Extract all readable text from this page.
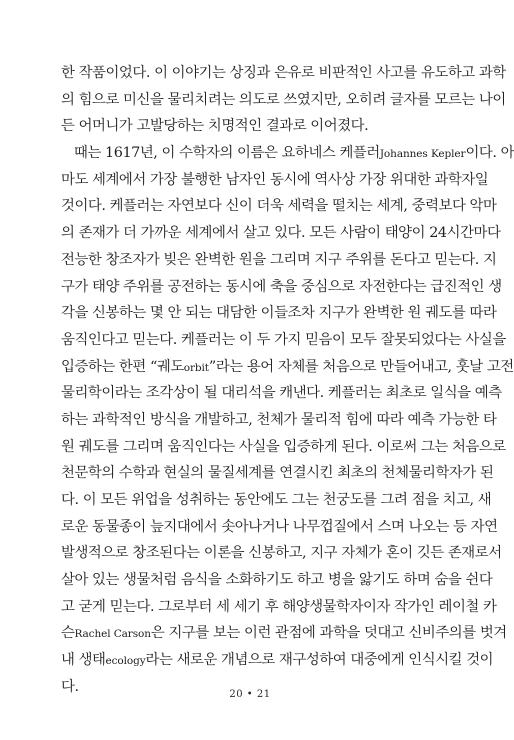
한 작품이었다. 이 이야기는 상징과 은유로 비판적인 사고를 유도하고 과학
의 힘으로 미신을 물리치려는 의도로 쓰였지만, 오히려 글자를 모르는 나이
든 어머니가 고발당하는 치명적인 결과로 이어졌다.
때는 1617년, 이 수학자의 이름은 요하네스 케플러Johannes Kepler이다. 아
마도 세계에서 가장 불행한 남자인 동시에 역사상 가장 위대한 과학자일
것이다. 케플러는 자연보다 신이 더욱 세력을 떨치는 세계, 중력보다 악마
의 존재가 더 가까운 세계에서 살고 있다. 모든 사람이 태양이 24시간마다
전능한 창조자가 빚은 완벽한 원을 그리며 지구 주위를 돈다고 믿는다. 지
구가 태양 주위를 공전하는 동시에 축을 중심으로 자전한다는 급진적인 생
각을 신봉하는 몇 안 되는 대담한 이들조차 지구가 완벽한 원 궤도를 따라
움직인다고 믿는다. 케플러는 이 두 가지 믿음이 모두 잘못되었다는 사실을
입증하는 한편 “궤도orbit”라는 용어 자체를 처음으로 만들어내고, 훗날 고전
물리학이라는 조각상이 될 대리석을 캐낸다. 케플러는 최초로 일식을 예측
하는 과학적인 방식을 개발하고, 천체가 물리적 힘에 따라 예측 가능한 타
원 궤도를 그리며 움직인다는 사실을 입증하게 된다. 이로써 그는 처음으로
천문학의 수학과 현실의 물질세계를 연결시킨 최초의 천체물리학자가 된
다. 이 모든 위업을 성취하는 동안에도 그는 천궁도를 그려 점을 치고, 새
로운 동물종이 늪지대에서 솟아나거나 나무껍질에서 스며 나오는 등 자연
발생적으로 창조된다는 이론을 신봉하고, 지구 자체가 혼이 깃든 존재로서
살아 있는 생물처럼 음식을 소화하기도 하고 병을 앓기도 하며 숨을 쉰다
고 굳게 믿는다. 그로부터 세 세기 후 해양생물학자이자 작가인 레이철 카
슨Rachel Carson은 지구를 보는 이런 관점에 과학을 덧대고 신비주의를 벗겨
내 생태ecology라는 새로운 개념으로 재구성하여 대중에게 인식시킬 것이
다.	20 • 21
